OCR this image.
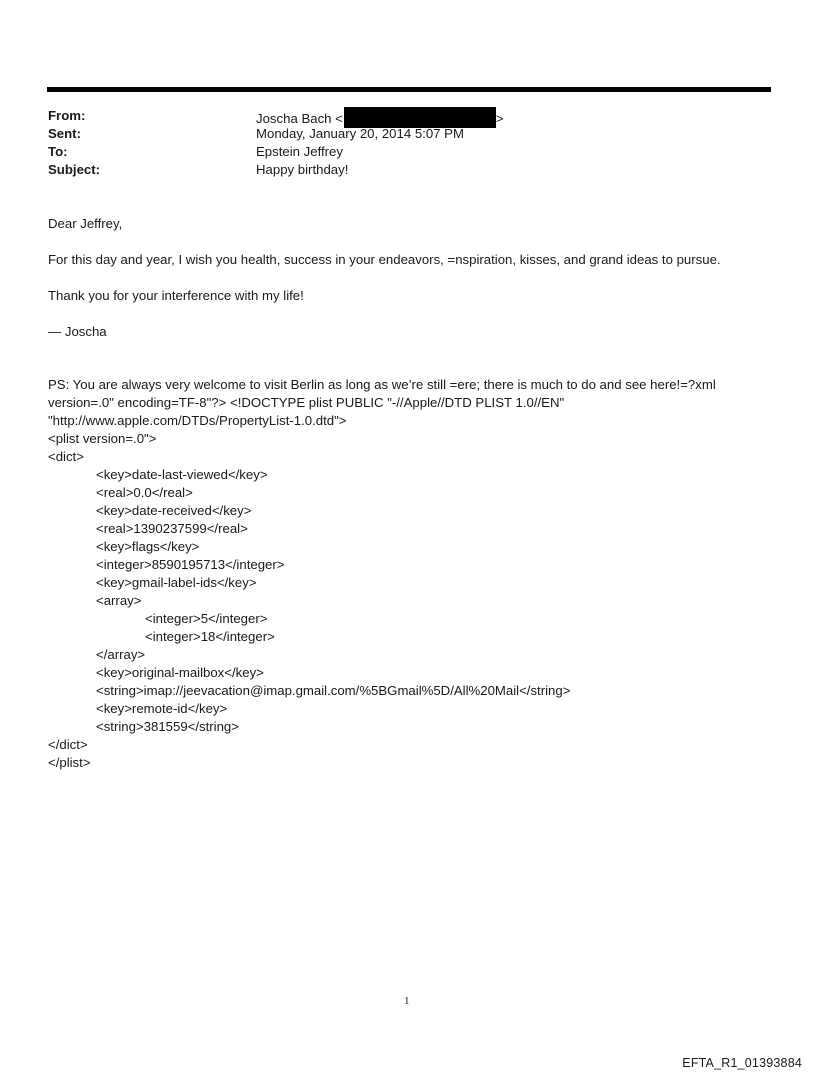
From:	Joscha Bach <	>
Sent:	Monday, January 20, 2014 5:07 PM
To:	Epstein Jeffrey
Subject:	Happy birthday!
Dear Jeffrey,
For this day and year, I wish you health, success in your endeavors, =nspiration, kisses, and grand ideas to pursue.
Thank you for your interference with my life!
— Joscha
PS: You are always very welcome to visit Berlin as long as we’re still =ere; there is much to do and see here!=?xml
version=.0" encoding=TF-8"?> <!DOCTYPE plist PUBLIC "-//Apple//DTD PLIST 1.0//EN"
"http://www.apple.com/DTDs/PropertyList-1.0.dtd">
<plist version=.0">
<dict>
<key>date-last-viewed</key>
<real>0.0</real>
<key>date-received</key>
<real>1390237599</real>
<key>flags</key>
<integer>8590195713</integer>
<key>gmail-label-ids</key>
<array>
<integer>5</integer>
<integer>18</integer>
</array>
<key>original-mailbox</key>
<string>imap://jeevacation@imap.gmail.com/%5BGmail%5D/All%20Mail</string>
<key>remote-id</key>
<string>381559</string>
</dict>
</plist>
1
EFTA_R1_01393884
